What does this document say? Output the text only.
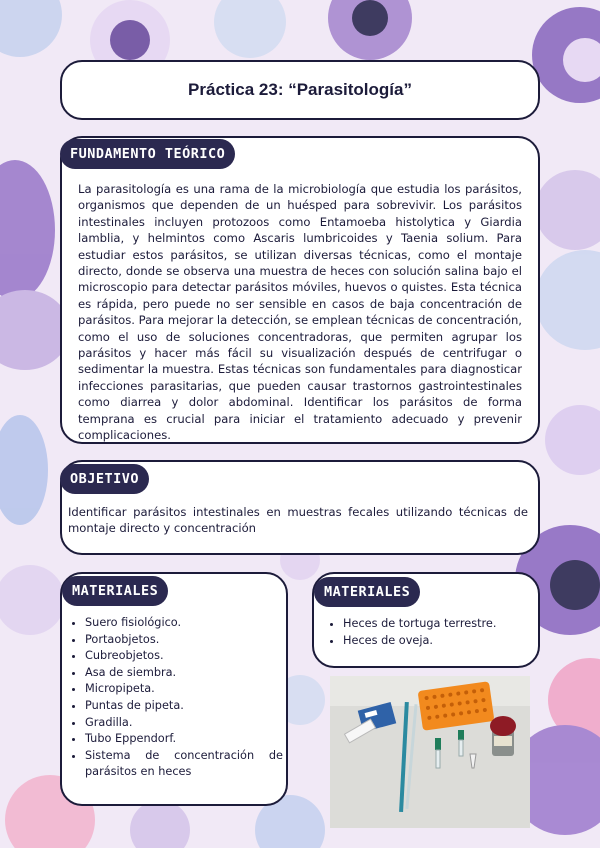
Práctica 23: “Parasitología”
FUNDAMENTO TEÓRICO
La parasitología es una rama de la microbiología que estudia los parásitos, organismos que dependen de un huésped para sobrevivir. Los parásitos intestinales incluyen protozoos como Entamoeba histolytica y Giardia lamblia, y helmintos como Ascaris lumbricoides y Taenia solium. Para estudiar estos parásitos, se utilizan diversas técnicas, como el montaje directo, donde se observa una muestra de heces con solución salina bajo el microscopio para detectar parásitos móviles, huevos o quistes. Esta técnica es rápida, pero puede no ser sensible en casos de baja concentración de parásitos. Para mejorar la detección, se emplean técnicas de concentración, como el uso de soluciones concentradoras, que permiten agrupar los parásitos y hacer más fácil su visualización después de centrifugar o sedimentar la muestra. Estas técnicas son fundamentales para diagnosticar infecciones parasitarias, que pueden causar trastornos gastrointestinales como diarrea y dolor abdominal. Identificar los parásitos de forma temprana es crucial para iniciar el tratamiento adecuado y prevenir complicaciones.
OBJETIVO
Identificar parásitos intestinales en muestras fecales utilizando técnicas de montaje directo y concentración
MATERIALES
• Suero fisiológico.
• Portaobjetos.
• Cubreobjetos.
• Asa de siembra.
• Micropipeta.
• Puntas de pipeta.
• Gradilla.
• Tubo Eppendorf.
• Sistema de concentración de parásitos en heces
MATERIALES
• Heces de tortuga terrestre.
• Heces de oveja.
